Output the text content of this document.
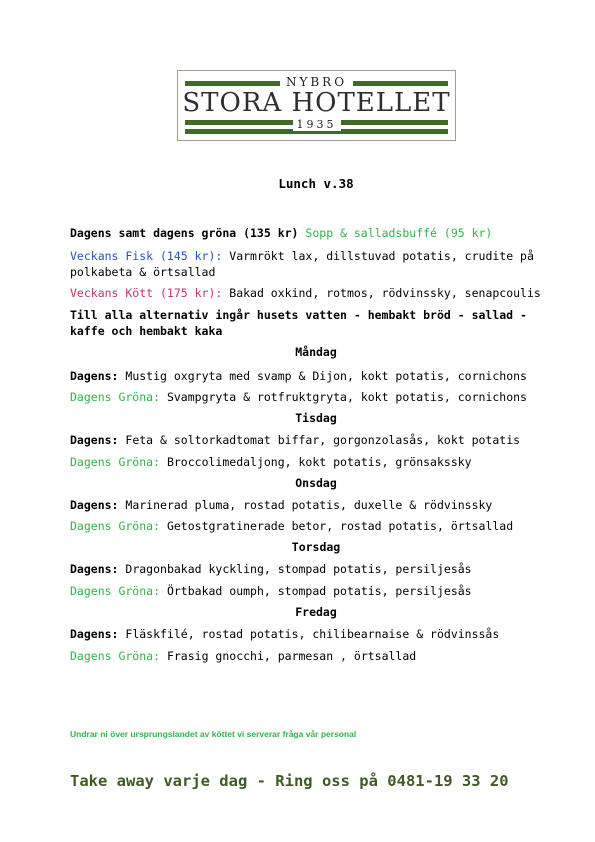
NYBRO
STORA HOTELLET
1935
Lunch v.38
Dagens samt dagens gröna (135 kr) Sopp & salladsbuffé (95 kr)
Veckans Fisk (145 kr): Varmrökt lax, dillstuvad potatis, crudite på polkabeta & örtsallad
Veckans Kött (175 kr): Bakad oxkind, rotmos, rödvinssky, senapcoulis
Till alla alternativ ingår husets vatten - hembakt bröd - sallad - kaffe och hembakt kaka
Måndag
Dagens: Mustig oxgryta med svamp & Dijon, kokt potatis, cornichons
Dagens Gröna: Svampgryta & rotfruktgryta, kokt potatis, cornichons
Tisdag
Dagens: Feta & soltorkadtomat biffar, gorgonzolasås, kokt potatis
Dagens Gröna: Broccolimedaljong, kokt potatis, grönsakssky
Onsdag
Dagens: Marinerad pluma, rostad potatis, duxelle & rödvinssky
Dagens Gröna: Getostgratinerade betor, rostad potatis, örtsallad
Torsdag
Dagens: Dragonbakad kyckling, stompad potatis, persiljesås
Dagens Gröna: Örtbakad oumph, stompad potatis, persiljesås
Fredag
Dagens: Fläskfilé, rostad potatis, chilibearnaise & rödvinssås
Dagens Gröna: Frasig gnocchi, parmesan , örtsallad
Undrar ni över ursprungslandet av köttet vi serverar fråga vår personal
Take away varje dag - Ring oss på 0481-19 33 20
